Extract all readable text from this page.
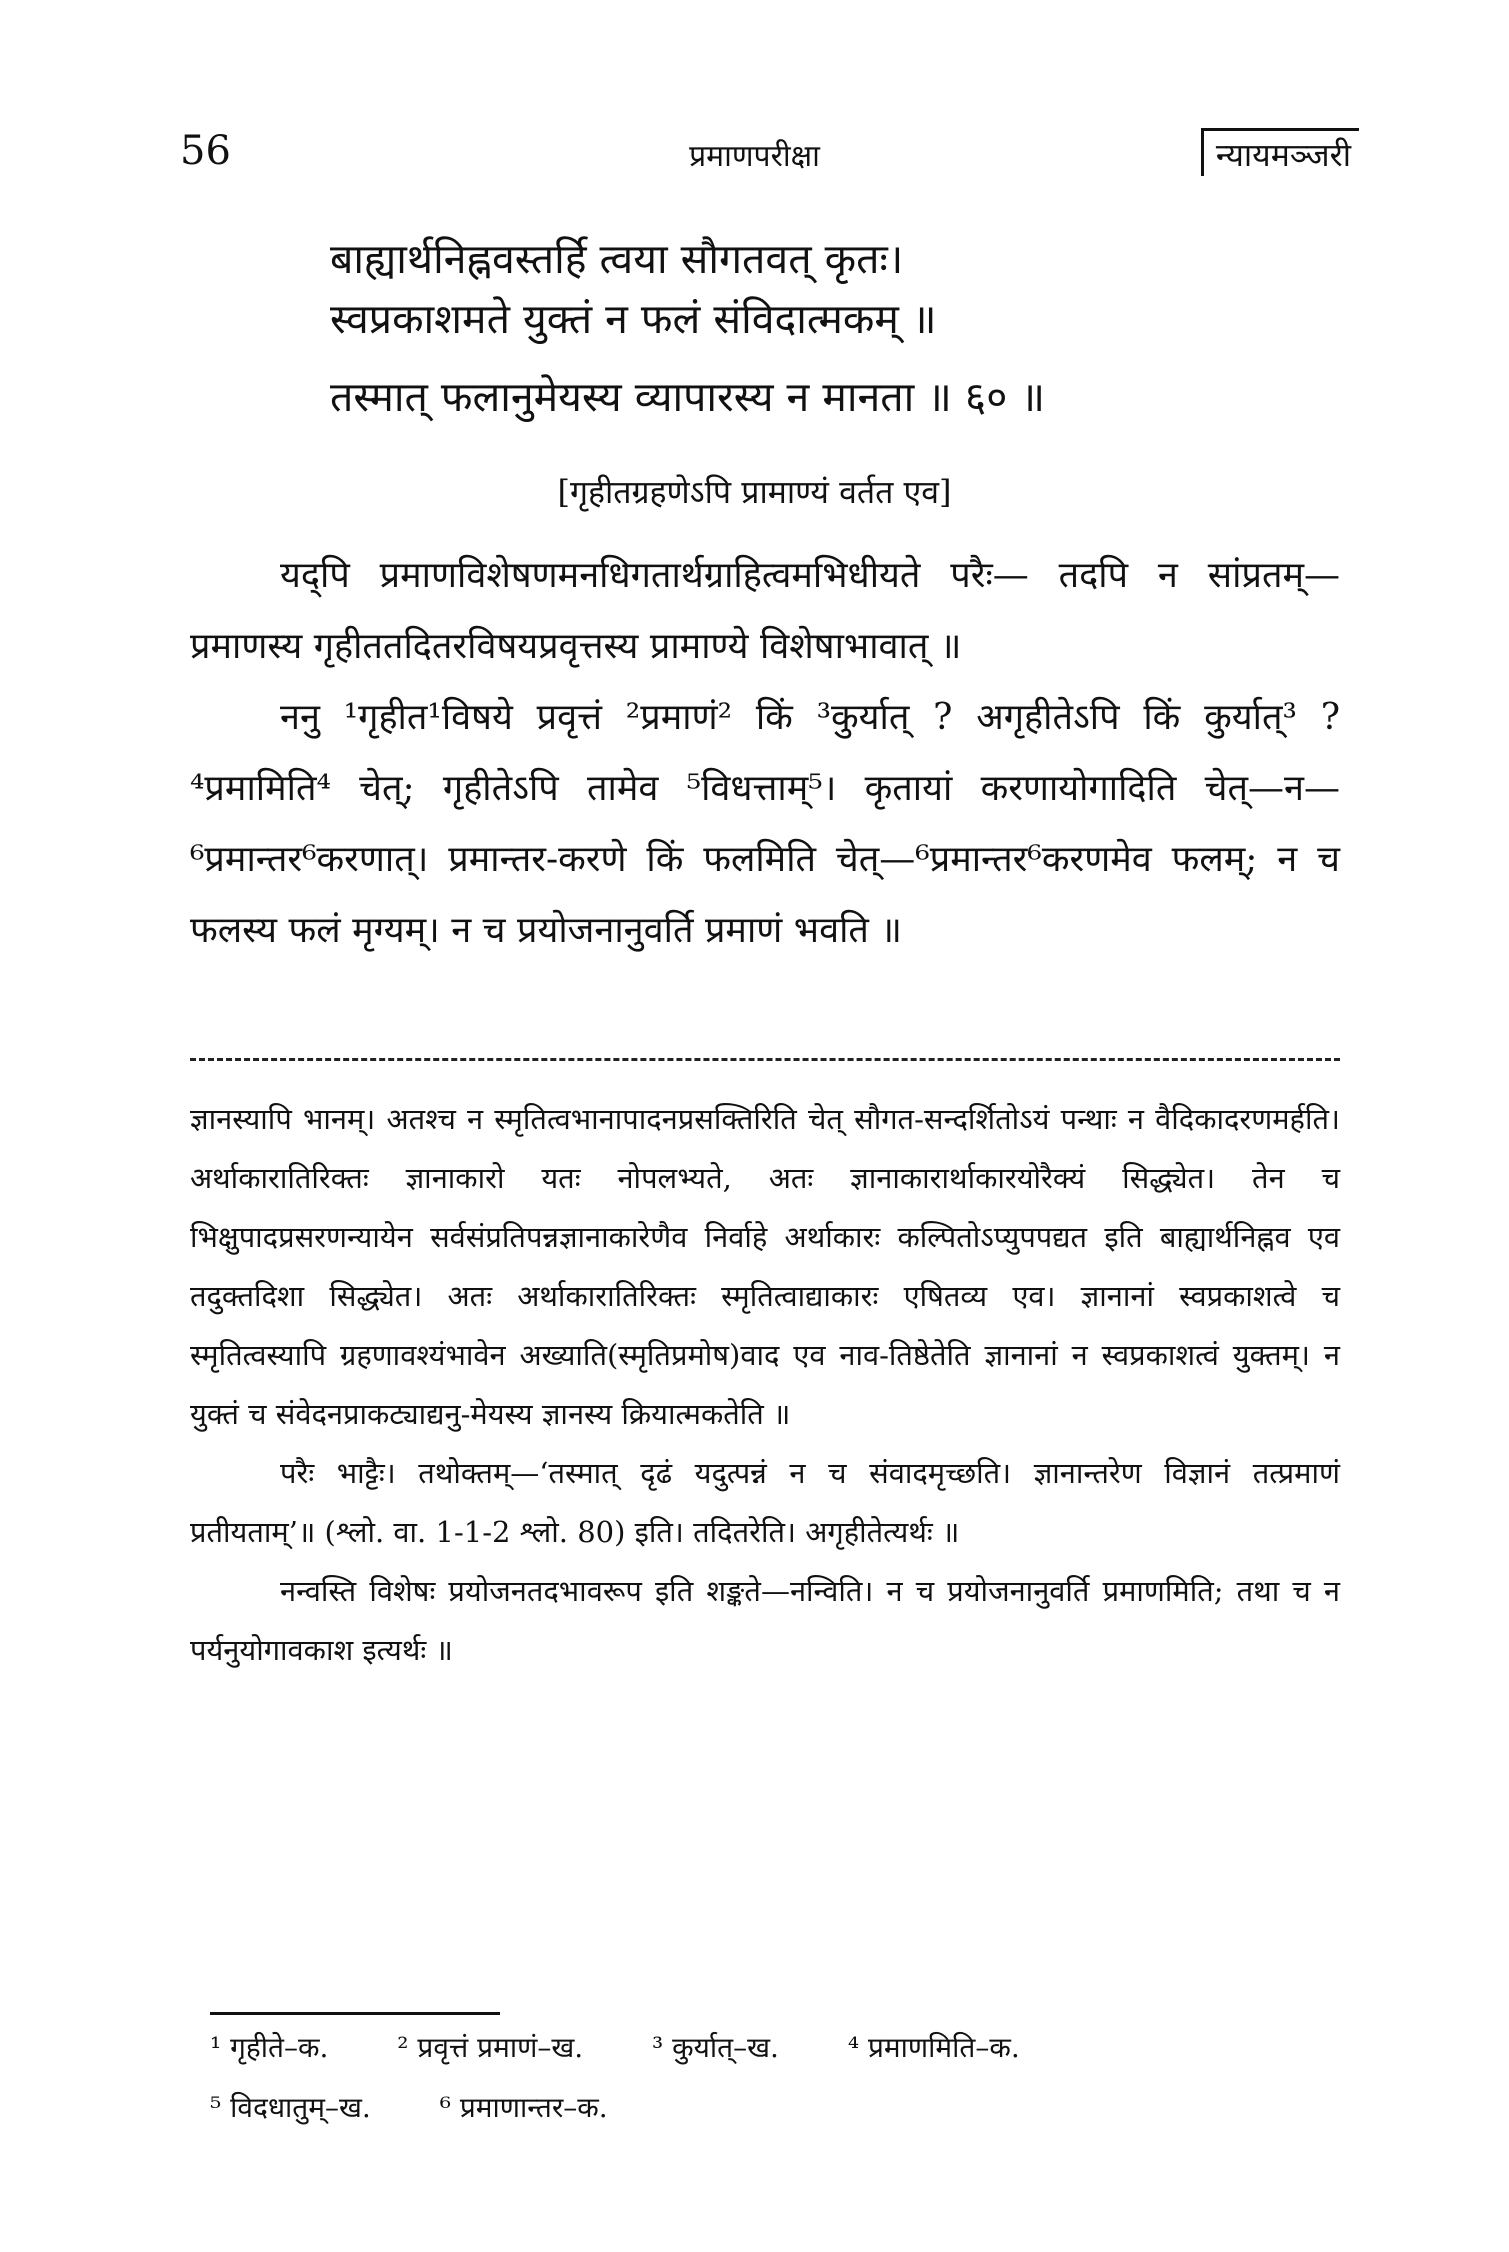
56	प्रमाणपरीक्षा	न्यायमञ्जरी
बाह्यार्थनिह्नवस्तर्हि त्वया सौगतवत् कृतः।
स्वप्रकाशमते युक्तं न फलं संविदात्मकम् ॥
तस्मात् फलानुमेयस्य व्यापारस्य न मानता ॥ ६० ॥
[गृहीतग्रहणेऽपि प्रामाण्यं वर्तत एव]

यद्पि प्रमाणविशेषणमनधिगतार्थग्राहित्वमभिधीयते परैः— तदपि न सांप्रतम्—प्रमाणस्य गृहीततदितरविषयप्रवृत्तस्य प्रामाण्ये विशेषाभावात् ॥

ननु ¹गृहीत¹विषये प्रवृत्तं ²प्रमाणं² किं ³कुर्यात् ? अगृहीतेऽपि किं कुर्यात्³ ? ⁴प्रमामिति⁴ चेत्; गृहीतेऽपि तामेव ⁵विधत्ताम्⁵। कृतायां करणायोगादिति चेत्—न—⁶प्रमान्तर⁶करणात्। प्रमान्तर-करणे किं फलमिति चेत्—⁶प्रमान्तर⁶करणमेव फलम्; न च फलस्य फलं मृग्यम्। न च प्रयोजनानुवर्ति प्रमाणं भवति ॥

ज्ञानस्यापि भानम्। अतश्च न स्मृतित्वभानापादनप्रसक्तिरिति चेत् सौगत-सन्दर्शितोऽयं पन्थाः न वैदिकादरणमर्हति। अर्थाकारातिरिक्तः ज्ञानाकारो यतः नोपलभ्यते, अतः ज्ञानाकारार्थाकारयोरैक्यं सिद्ध्येत। तेन च भिक्षुपादप्रसरणन्यायेन सर्वसंप्रतिपन्नज्ञानाकारेणैव निर्वाहे अर्थाकारः कल्पितोऽप्युपपद्यत इति बाह्यार्थनिह्नव एव तदुक्तदिशा सिद्ध्येत। अतः अर्थाकारातिरिक्तः स्मृतित्वाद्याकारः एषितव्य एव। ज्ञानानां स्वप्रकाशत्वे च स्मृतित्वस्यापि ग्रहणावश्यंभावेन अख्याति(स्मृतिप्रमोष)वाद एव नाव-तिष्ठेतेति ज्ञानानां न स्वप्रकाशत्वं युक्तम्। न युक्तं च संवेदनप्राकट्याद्यनु-मेयस्य ज्ञानस्य क्रियात्मकतेति ॥

परैः भाट्टैः। तथोक्तम्—‘तस्मात् दृढं यदुत्पन्नं न च संवादमृच्छति। ज्ञानान्तरेण विज्ञानं तत्प्रमाणं प्रतीयताम्’॥ (श्लो. वा. 1-1-2 श्लो. 80) इति। तदितरेति। अगृहीतेत्यर्थः ॥

नन्वस्ति विशेषः प्रयोजनतदभावरूप इति शङ्कते—नन्विति। न च प्रयोजनानुवर्ति प्रमाणमिति; तथा च न पर्यनुयोगावकाश इत्यर्थः ॥

¹ गृहीते–क. ² प्रवृत्तं प्रमाणं–ख. ³ कुर्यात्–ख. ⁴ प्रमाणमिति–क.
⁵ विदधातुम्–ख. ⁶ प्रमाणान्तर–क.
